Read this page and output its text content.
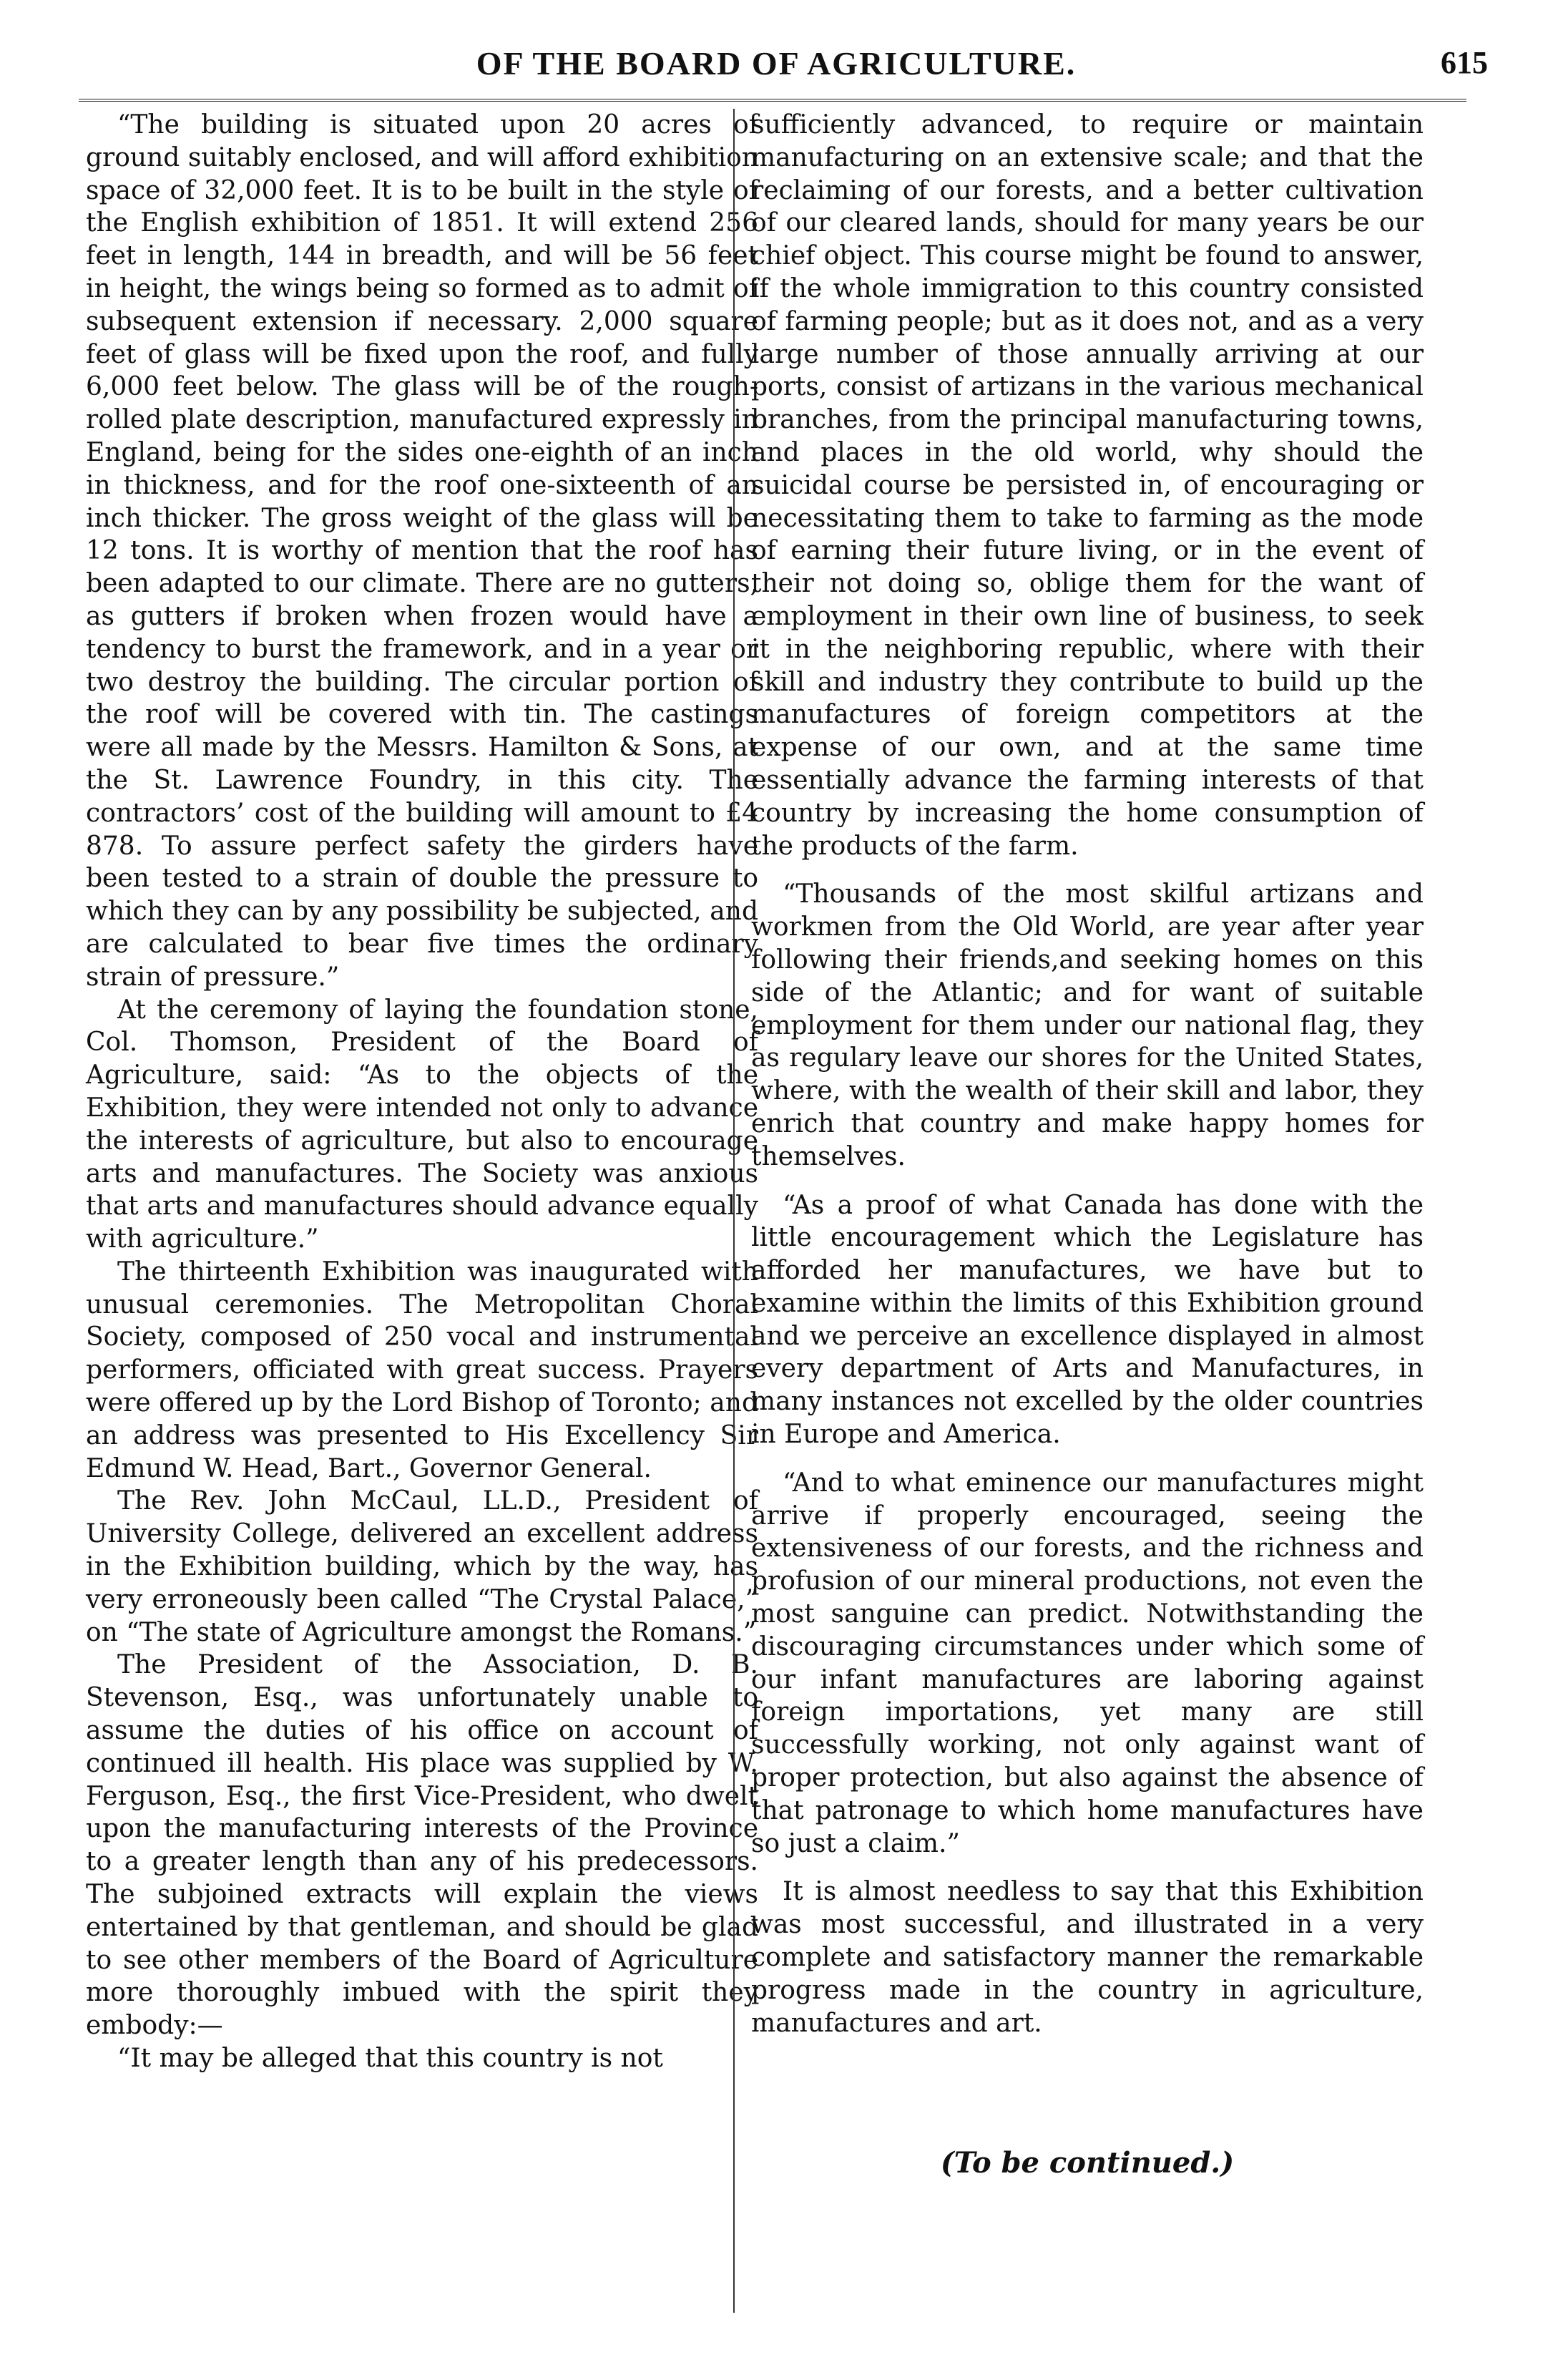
OF THE BOARD OF AGRICULTURE.	615

“The building is situated upon 20 acres of ground suitably enclosed, and will afford exhibition space of 32,000 feet. It is to be built in the style of the English exhibition of 1851. It will extend 256 feet in length, 144 in breadth, and will be 56 feet in height, the wings being so formed as to admit of subsequent extension if necessary. 2,000 square feet of glass will be fixed upon the roof, and fully 6,000 feet below. The glass will be of the rough-rolled plate description, manufactured expressly in England, being for the sides one-eighth of an inch in thickness, and for the roof one-sixteenth of an inch thicker. The gross weight of the glass will be 12 tons. It is worthy of mention that the roof has been adapted to our climate. There are no gutters, as gutters if broken when frozen would have a tendency to burst the framework, and in a year or two destroy the building. The circular portion of the roof will be covered with tin. The castings were all made by the Messrs. Hamilton & Sons, at the St. Lawrence Foundry, in this city. The contractors’ cost of the building will amount to £4 878. To assure perfect safety the girders have been tested to a strain of double the pressure to which they can by any possibility be subjected, and are calculated to bear five times the ordinary strain of pressure.”

At the ceremony of laying the foundation stone, Col. Thomson, President of the Board of Agriculture, said: “As to the objects of the Exhibition, they were intended not only to advance the interests of agriculture, but also to encourage arts and manufactures. The Society was anxious that arts and manufactures should advance equally with agriculture.”

The thirteenth Exhibition was inaugurated with unusual ceremonies. The Metropolitan Choral Society, composed of 250 vocal and instrumental performers, officiated with great success. Prayers were offered up by the Lord Bishop of Toronto; and an address was presented to His Excellency Sir Edmund W. Head, Bart., Governor General.

The Rev. John McCaul, LL.D., President of University College, delivered an excellent address in the Exhibition building, which by the way, has very erroneously been called “The Crystal Palace,” on “The state of Agriculture amongst the Romans.”

The President of the Association, D. B. Stevenson, Esq., was unfortunately unable to assume the duties of his office on account of continued ill health. His place was supplied by W. Ferguson, Esq., the first Vice-President, who dwelt upon the manufacturing interests of the Province to a greater length than any of his predecessors. The subjoined extracts will explain the views entertained by that gentleman, and should be glad to see other members of the Board of Agriculture more thoroughly imbued with the spirit they embody:—

“It may be alleged that this country is not

sufficiently advanced, to require or maintain manufacturing on an extensive scale; and that the reclaiming of our forests, and a better cultivation of our cleared lands, should for many years be our chief object. This course might be found to answer, if the whole immigration to this country consisted of farming people; but as it does not, and as a very large number of those annually arriving at our ports, consist of artizans in the various mechanical branches, from the principal manufacturing towns, and places in the old world, why should the suicidal course be persisted in, of encouraging or necessitating them to take to farming as the mode of earning their future living, or in the event of their not doing so, oblige them for the want of employment in their own line of business, to seek it in the neighboring republic, where with their skill and industry they contribute to build up the manufactures of foreign competitors at the expense of our own, and at the same time essentially advance the farming interests of that country by increasing the home consumption of the products of the farm.

“Thousands of the most skilful artizans and workmen from the Old World, are year after year following their friends,and seeking homes on this side of the Atlantic; and for want of suitable employment for them under our national flag, they as regulary leave our shores for the United States, where, with the wealth of their skill and labor, they enrich that country and make happy homes for themselves.

“As a proof of what Canada has done with the little encouragement which the Legislature has afforded her manufactures, we have but to examine within the limits of this Exhibition ground and we perceive an excellence displayed in almost every department of Arts and Manufactures, in many instances not excelled by the older countries in Europe and America.

“And to what eminence our manufactures might arrive if properly encouraged, seeing the extensiveness of our forests, and the richness and profusion of our mineral productions, not even the most sanguine can predict. Notwithstanding the discouraging circumstances under which some of our infant manufactures are laboring against foreign importations, yet many are still successfully working, not only against want of proper protection, but also against the absence of that patronage to which home manufactures have so just a claim.”

It is almost needless to say that this Exhibition was most successful, and illustrated in a very complete and satisfactory manner the remarkable progress made in the country in agriculture, manufactures and art.

(To be continued.)
